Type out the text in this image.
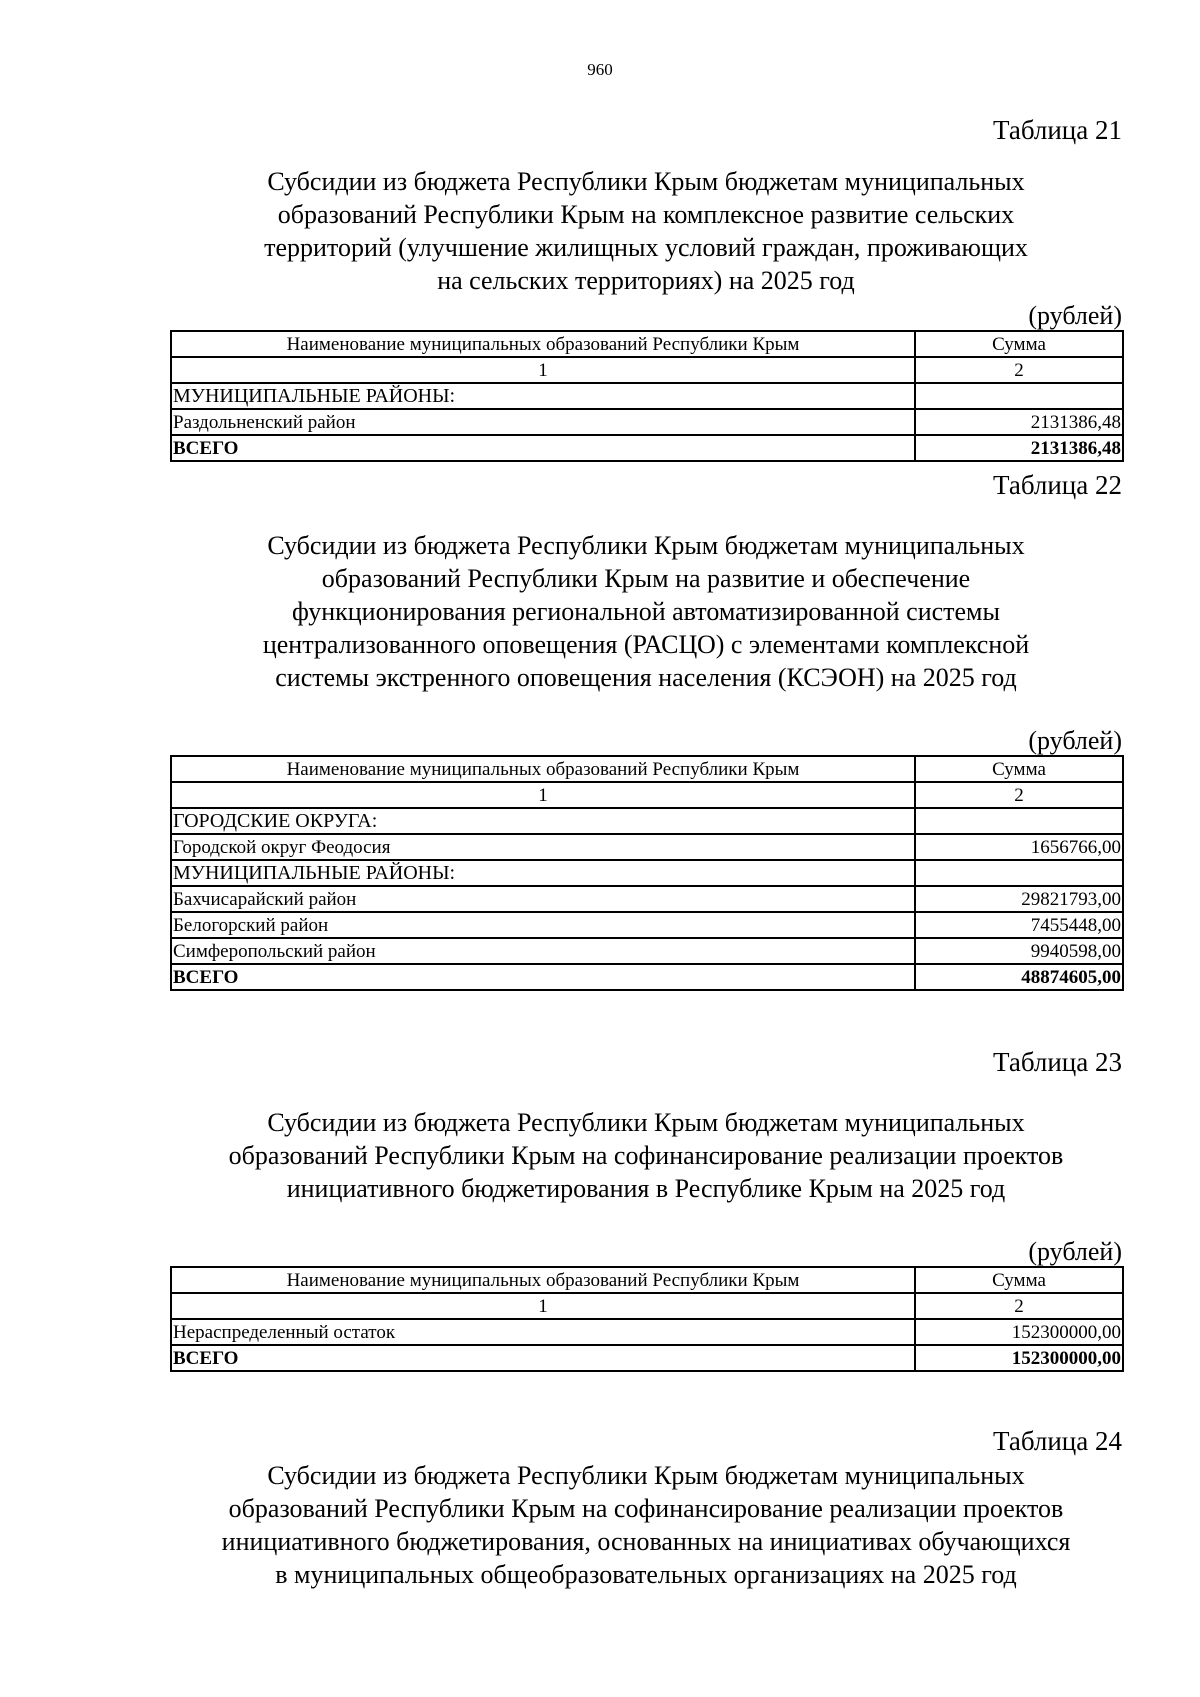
960
Таблица 21
Субсидии из бюджета Республики Крым бюджетам муниципальных
образований Республики Крым на комплексное развитие сельских
территорий (улучшение жилищных условий граждан, проживающих
на сельских территориях) на 2025 год
(рублей)
Наименование муниципальных образований Республики Крым	Сумма
1	2
МУНИЦИПАЛЬНЫЕ РАЙОНЫ:	
Раздольненский район	2131386,48
ВСЕГО	2131386,48
Таблица 22
Субсидии из бюджета Республики Крым бюджетам муниципальных
образований Республики Крым на развитие и обеспечение
функционирования региональной автоматизированной системы
централизованного оповещения (РАСЦО) с элементами комплексной
системы экстренного оповещения населения (КСЭОН) на 2025 год
(рублей)
Наименование муниципальных образований Республики Крым	Сумма
1	2
ГОРОДСКИЕ ОКРУГА:	
Городской округ Феодосия	1656766,00
МУНИЦИПАЛЬНЫЕ РАЙОНЫ:	
Бахчисарайский район	29821793,00
Белогорский район	7455448,00
Симферопольский район	9940598,00
ВСЕГО	48874605,00
Таблица 23
Субсидии из бюджета Республики Крым бюджетам муниципальных
образований Республики Крым на софинансирование реализации проектов
инициативного бюджетирования в Республике Крым на 2025 год
(рублей)
Наименование муниципальных образований Республики Крым	Сумма
1	2
Нераспределенный остаток	152300000,00
ВСЕГО	152300000,00
Таблица 24
Субсидии из бюджета Республики Крым бюджетам муниципальных
образований Республики Крым на софинансирование реализации проектов
инициативного бюджетирования, основанных на инициативах обучающихся
в муниципальных общеобразовательных организациях на 2025 год
